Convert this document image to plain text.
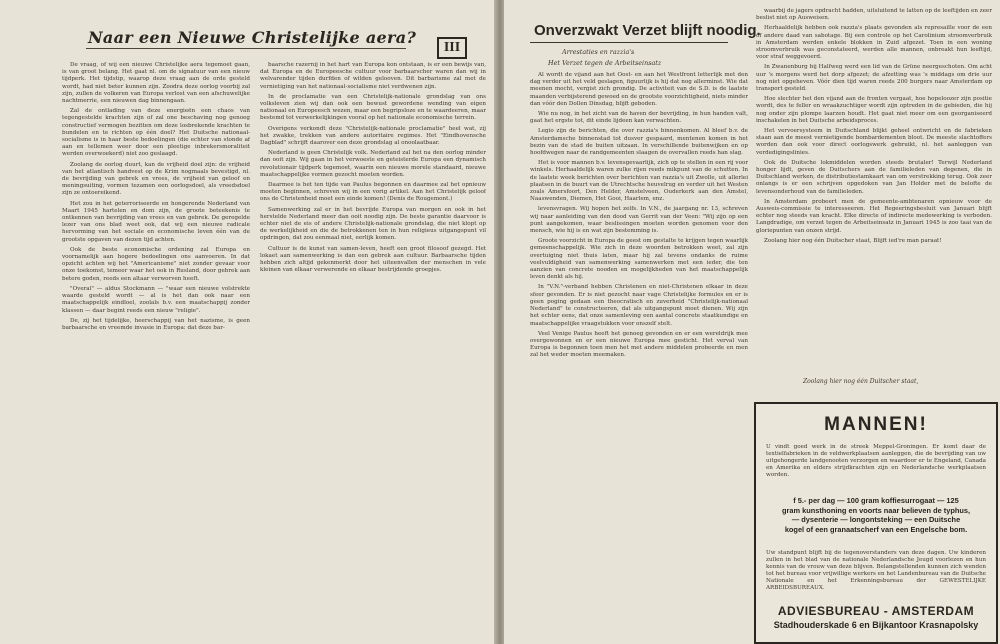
Naar een Nieuwe Christelijke aera?
III

De vraag, of wij een nieuwe Christelijke aera tegemoet gaan, is van groot belang. Het gaat nl. om de signatuur van een nieuw tijdperk. Het tijdstip, waarop deze vraag aan de orde gesteld wordt, had niet beter kunnen zijn. Zoodra deze oorlog voorbij zal zijn, zullen de volkeren van Europa verlost van een afschuwelijke nachtmerrie, een nieuwen dag binnengaan.

Zal de ontlading van deze energieën een chaos van tegengestelde krachten zijn of zal one beschaving nog genoeg constructief vermogen bezitten om deze losbrekende krachten te bundelen en te richten op één doel? Het Duitsche nationaal-socialisme is in haar beste bedoelingen (die echter van stonde af aan en tellemen weer door een pleetige inbrekersmoraliteit werden overwoekerd) niet zoo geslaagd.

Zoolang de oorlog duurt, kan de vrijheid doel zijn: de vrijheid van het atlantisch handvest op de Krim nogmaals bevestigd, nl. de bevrijding van gebrek en vrees, de vrijheid van geloof en meningsuiting, vormen tezamen een oorlogsdoel, als vreedsdoel zijn ze ontoereikend.

Het zou in het geterroriseerde en hongerende Nederland van Maart 1945 hartelen en dom zijn, de groote beteekenis te ontkennen van bevrijding van vrees en van gebrek. De geregelde lezer van ons blad weet ook, dat wij een nieuwe radicale hervorming van het sociale en economische leven één van de grootste opgaven van dezen tijd achten.

Ook de beste economische ordening zal Europa en voornamelijk aan hogere bedoelingen ons aanvoeren. In dat opzicht achten wij het "Americanisme" niet zonder gevaar voor onze toekomst, temeer waar het ook in Rusland, door gebrek aan betere goden, reeds een altaar verworven heeft.

"Overal" — aldus Stockmann — "waar een nieuwe volstrekte waarde gesteld wordt — al is het dan ook naar een maatschappelijk eindloel, zoolals b.v. een maatschappij zonder klassen — daar begint reeds een nieuw "religie".

De, zij het tijdelijke, heerschappij van het nazisme, is geen barbaarsche en vreemde invasie in Europa: dat deze bar-

baarsche razernij in het hart van Europa kon ontstaan, is er een bewijs van, dat Europa en de Europeesche cultuur voor barbaarscher waren dan wij in welvarender tijden durfden of wilden gelooven. Dit barbarisme zal met de vernietiging van het nationaal-socialisme niet verdwenen zijn.

In de proclamatie van een Christelijk-nationale grondslag van ons volksleven zien wij dan ook een bewust gewordene wending van eigen nationaal en Europeesch wezen, maar een begripsloze en te waardeeren, maar bestemd tot verwerkelijkingen vooral op het nationale economische terrein.

Overigens verkondt deze "Christelijk-nationale proclamatie" heel wat, zij het zwakke, trekken van andere autoritaire regimes. Het "Eindhovensche Dagblad" schrijft daarover een deze grondslag al onoolaatbaar.

Nederland is geen Christelijk volk. Nederland zal het na den oorlog minder dan ooit zijn. Wij gaan in het verwoeste en geteisterde Europa een dynamisch revolutionair tijdperk tegemoet, waarin een nieuwe morele standaard, nieuwe maatschappelijke vormen gezocht moeten worden.

Daarmee is het ten tijde van Paulus begonnen en daarmee zal het opnieuw moeten beginnen, schreven wij in een vorig artikel. Aan het Christelijk geloof ons de Christenheid moet een einde komen! (Denis de Rougemont.)

Samenwerking zal er in het bevrijde Europa van morgen en ook in het herstelde Nederland meer dan ooit noodig zijn. De beste garantie daarvoor is echter niet de eis of andere Christelijk-nationale grondslag, die niet klopt op de werkelijkheid en die de betrokkenen ten in hun religieus uitgangspunt vil opdringen, dat zou eenmaal niet, eerlijk komen.

Cultuur is de kunst van samen-leven, heeft een groot filosoof gezegd. Het lokaet aan samenwerking is dan een gebrek aan cultuur. Barbaarsche tijden hebben zich altijd gekenmerkt door het uiteenvallen der menschen in vele kleinen van elkaar verwerende en elkaar bestrijdende groepjes.

Onverzwakt Verzet blijft noodig.
Arrestaties en razzia's
Het Verzet tegen de Arbeitseinsatz

Al wordt de vijand aan het Oost- en aan het Westfront letterlijk met den dag verder uit het veld geslagen, figuurlijk is hij dat nog allerminst. Wie dat meenen mocht, vergist zich grondig. De activiteit van de S.D. is de laatste maanden verbijsterend gewoed en de grootste voorzichtigheid, niets minder dan vóór den Dollen Dinsdag, blijft geboden.

Wie nu nog, in het zicht van de haven der bevrijding, in hun handen valt, gaat het ergste tot, dit einde lijdeen kan verwachten.

Legio zijn de berichten, die over razzia's binnenkomen. Al bleef b.v. de Amsterdamsche binnenstad tot dusver gespaard, mentenen komen in het bezin van de stad de buiten uitzaan. In verschillende buitenwijken en op hoofdwegen naar de randgemeenten slaagen de overvallen reeds han slag.

Het is voor mannen b.v. levensgevaarlijk, zich op te stellen in een rij voor winkels. Herhaaldelijk waren zulke rijen reeds mikpunt van de schutten. In de laatste week berichten over berichten van razzia's uit Zwolle, uit allerlei plaatsen in de buurt van de Utrechtsche heuvelrug en verder uit het Westen zoals Amersfoort, Den Helder, Amstelveen, Ouderkerk aan den Amstel, Naaswenden, Diemen, Het Gooi, Haarlem, enz.

levensvragen. Wij hopen het zelfs. In V.N., de jaargang nr. 13, schreven wij naar aanleiding van den dood van Gerrit van der Veen: "Wij zijn op een punt aangekomen, waar beslissingen moeten worden genomen voor den mensch, wie hij is en wat zijn bestemming is.

Groote voorzicht in Europa de geest om gestalte te krijgen tegen waarlijk gemeenschappelijk. Wie zich in deze woorden betrokken weet, zal zijn overtuiging niet thuis laten, maar hij zal tevens ondanks de ruime veelvuldigheid van samenwerking samenwerken met een ieder, die ten aanzien van concrete nooden en mogelijkheden van het maatschappelijk leven denkt als hij.

In "V.N."-verband hebben Christenen en niet-Christenen elkaar in deze sfeer gevonden. Er is niet gezocht naar vage Christelijke formules en er is geen poging gedaan een theocratisch en zuverheid "Christelijk-nationaal Nederland" te constructeeren, dat als uitgangspunt moet dienen. Wij zijn het echter eens, dat onze samenleving een aantal concrete staatkundige en maatschappelijke vraagstukken voor onszelf stelt.

Veel Venige Paulus heeft het genoeg gevonden en er een wereldrijk mee overgewonnen en er een nieuwe Europa mee gesticht. Het verval van Europa is begonnen toen men het met andere middelen probeerde en men zal het weder moeten meemaken.

waarbij de jagers opdracht hadden, uitsluitend te latten op de leeftijden en zeer beslist niet op Ausweisen.

Herhaaldelijk hebben ook razzia's plaats gevonden als represaille voor de een of andere daad van sabotage. Bij een controle op het Carolinium stroomverbruik in Amsterdam werden enkele blokken in Zuid afgezet. Toen in een woning stroomverbruik was geconstateerd, werden alle mannen, onbreakt hun leeftijd, voor straf weggevoerd.

In Zwanenburg bij Halfweg werd een lid van de Grüne neergeschoten. Om acht uur 's morgens werd het dorp afgezet; de afzetting was 's middags om drie uur nog niet opgeheven. Vóór dien tijd waren reeds 200 burgers naar Amsterdam op transport gesteld.

Hoe slechter het den vijand aan de fronten vergaat, hoe hopeloozer zijn positie wordt, des te feller en wraakzuchtiger wordt zijn optreden in de gebieden, die hij nog onder zijn plompe laarzen houdt. Het gaat niet meer om een georganiseerd inschakelen in het Duitsche arbeidsproces.

Het vervoersysteem in Duitschland blijkt geheel ontwricht en de fabrieken staan aan de meest vernietigende bombardementen bloot. De meeste slachtoffers worden dan ook voor direct oorlogswerk gebruikt, nl. het aanleggen van verdedigingslinies.

Ook de Duitsche lokmiddelen worden steeds brutaler! Terwijl Nederland honger lijdt, geven de Duitschers aan de familieleden van degenen, die in Duitschland werken, de distributiestamkaart van om verstrekking terug. Ook zeer onlangs is er een schrijven opgedoken van Jan Holder met de belofte de levensonderhoud van de familieleden.

In Amsterdam probeert men de gemeente-ambtenaren opnieuw voor de Ausweis-commissie te interesseeren. Het Regeeringsbesluit van Januari blijft echter nog steeds van kracht. Elke directe of indirecte medewerking is verboden. Langdradige, om verzet tegen de Arbeitseinsatz in Januari 1945 is zoo taai van de gloriepunten van onzen strijd.

Zoolang hier nog één Duitscher staat, Blijft ied're man paraat!

Zoolang hier nog één Duitscher staat,
MANNEN!
U vindt goed werk in de streek Meppel-Groningen. Er komt daar de textielfabrieken in de veldwerkplaatsen aanleggen, die de bevrijding van uw uitgehongerde landgenooten verzorgen en waardoor er te Engeland, Canada en Amerika en elders strijdkrachten zijn en Nederlandsche werkplaatsen worden.
f 5.- per dag — 100 gram koffiesurrogaat — 125
gram kunsthoning en voorts naar believen de typhus,
— dysenterie — longontsteking — een Duitsche
kogel of een granaatscherf van een Engelsche bom.
Uw standpunt blijft bij de tegenoverstanders van deze dagen. Uw kinderen zullen in het blad van de nationale Nederlandsche Jeugd voorlezen en hun kennis van de vrouw van deze blijven. Belangstellenden kunnen zich wenden tot het bureau voor vrijwillige werkers en het Landenbureau van de Duitsche Nationale en het Erkenningsbureau der GEWESTELIJKE ARBEIDSBUREAUX.
ADVIESBUREAU - AMSTERDAM
Stadhouderskade 6 en Bijkantoor Krasnapolsky
